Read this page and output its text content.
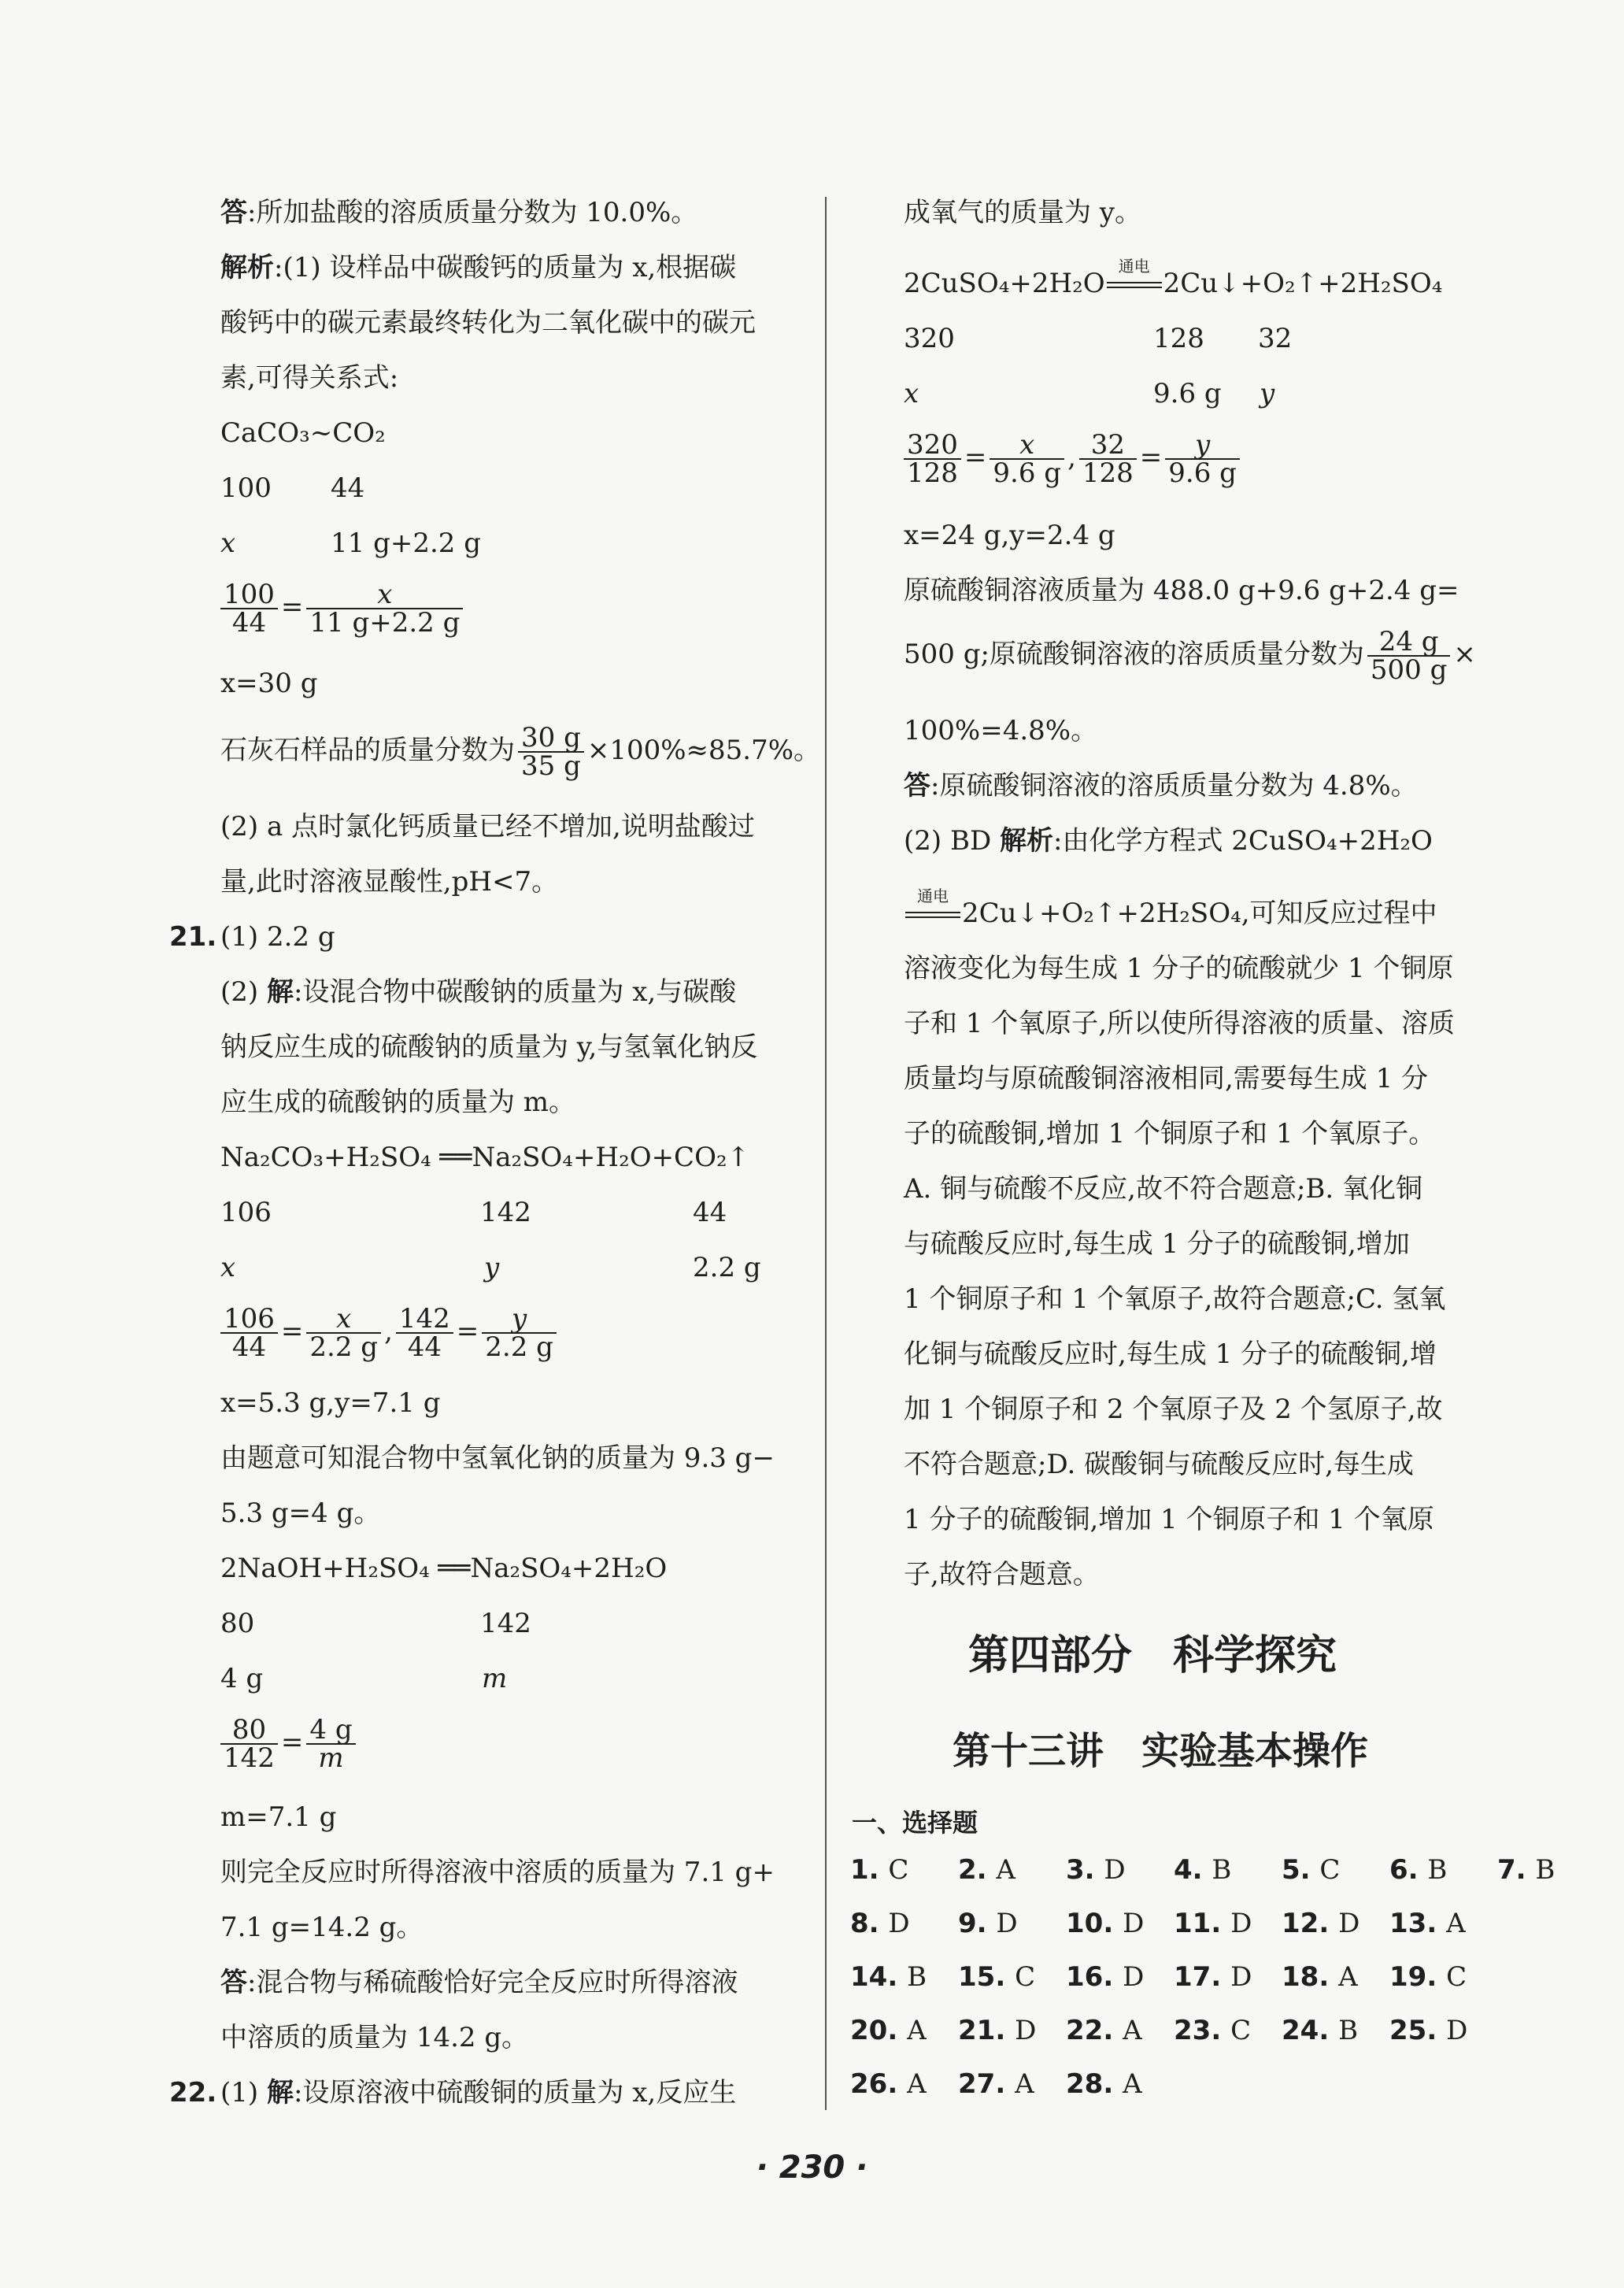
答:所加盐酸的溶质质量分数为 10.0%。
解析:(1) 设样品中碳酸钙的质量为 x,根据碳
酸钙中的碳元素最终转化为二氧化碳中的碳元
素,可得关系式:
CaCO₃~CO₂
100 44
x	11 g+2.2 g
$\frac{100}{44} = \frac{x}{11 g+2.2 g}$
x=30 g
石灰石样品的质量分数为 $\frac{30 g}{35 g} \times 100\%\approx 85.7\%$。
(2) a 点时氯化钙质量已经不增加,说明盐酸过
量,此时溶液显酸性,pH<7。
21. (1) 2.2 g
(2) 解:设混合物中碳酸钠的质量为 x,与碳酸
钠反应生成的硫酸钠的质量为 y,与氢氧化钠反
应生成的硫酸钠的质量为 m。
Na₂CO₃+H₂SO₄ ══Na₂SO₄+H₂O+CO₂↑
106	142	44
x	y	2.2 g
$\frac{106}{44} = \frac{x}{2.2 g}$ , $\frac{142}{44} = \frac{y}{2.2 g}$
x=5.3 g,y=7.1 g
由题意可知混合物中氢氧化钠的质量为 9.3 g−
5.3 g=4 g。
2NaOH+H₂SO₄ ══Na₂SO₄+2H₂O
80	142
4 g	m
$\frac{80}{142} = \frac{4 g}{m}$
m=7.1 g
则完全反应时所得溶液中溶质的质量为 7.1 g+
7.1 g=14.2 g。
答:混合物与稀硫酸恰好完全反应时所得溶液
中溶质的质量为 14.2 g。
22. (1) 解:设原溶液中硫酸铜的质量为 x,反应生
成氧气的质量为 y。
2CuSO₄+2H₂O
通电
2Cu↓+O₂↑+2H₂SO₄
320	128 32
x	9.6 g y
$\frac{320}{128} = \frac{x}{9.6 g}$ , $\frac{32}{128} = \frac{y}{9.6 g}$
x=24 g,y=2.4 g
原硫酸铜溶液质量为 488.0 g+9.6 g+2.4 g=
500 g;原硫酸铜溶液的溶质质量分数为 $\frac{24 g}{500 g}$ ×
100%=4.8%。
答:原硫酸铜溶液的溶质质量分数为 4.8%。
(2) BD 解析:由化学方程式 2CuSO₄+2H₂O
通电
2Cu↓+O₂↑+2H₂SO₄,可知反应过程中
溶液变化为每生成 1 分子的硫酸就少 1 个铜原
子和 1 个氧原子,所以使所得溶液的质量、溶质
质量均与原硫酸铜溶液相同,需要每生成 1 分
子的硫酸铜,增加 1 个铜原子和 1 个氧原子。
A. 铜与硫酸不反应,故不符合题意;B. 氧化铜
与硫酸反应时,每生成 1 分子的硫酸铜,增加
1 个铜原子和 1 个氧原子,故符合题意;C. 氢氧
化铜与硫酸反应时,每生成 1 分子的硫酸铜,增
加 1 个铜原子和 2 个氧原子及 2 个氢原子,故
不符合题意;D. 碳酸铜与硫酸反应时,每生成
1 分子的硫酸铜,增加 1 个铜原子和 1 个氧原
子,故符合题意。
第四部分　科学探究
第十三讲　实验基本操作
一、选择题
1. C 2. A 3. D 4. B 5. C 6. B 7. B
8. D 9. D 10. D 11. D 12. D 13. A
14. B 15. C 16. D 17. D 18. A 19. C
20. A 21. D 22. A 23. C 24. B 25. D
26. A 27. A 28. A
· 230 ·
